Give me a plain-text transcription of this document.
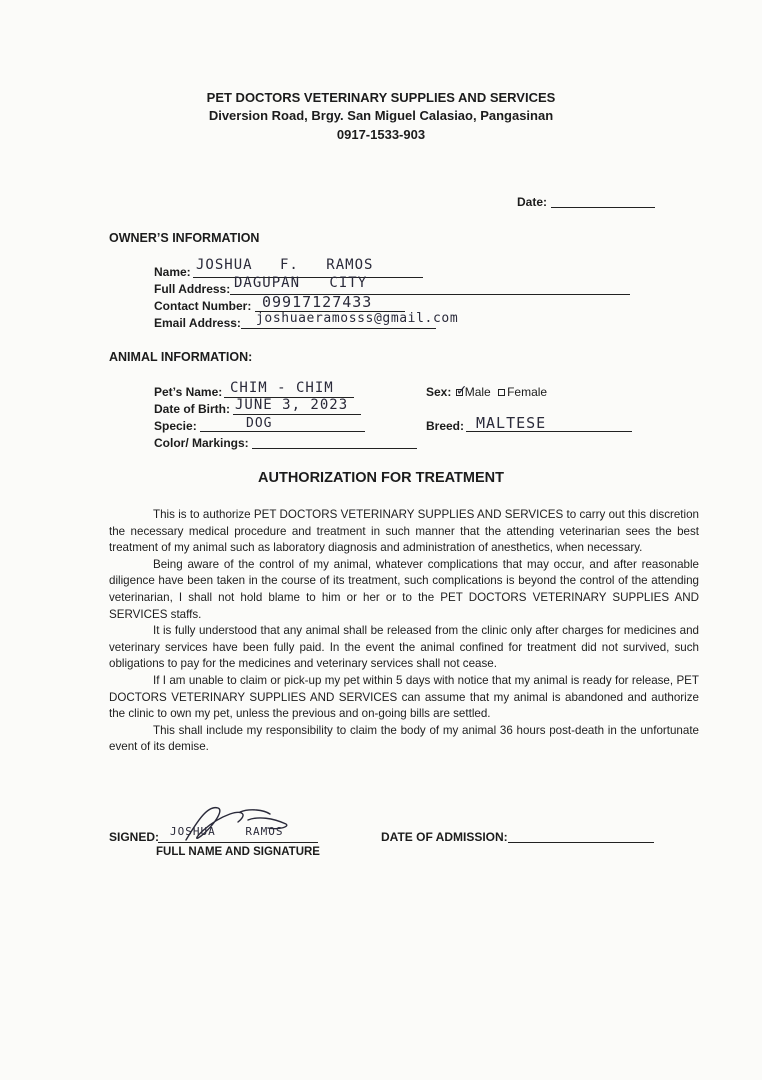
PET DOCTORS VETERINARY SUPPLIES AND SERVICES
Diversion Road, Brgy. San Miguel Calasiao, Pangasinan
0917-1533-903
Date:
OWNER’S INFORMATION
Name: JOSHUA F. RAMOS
Full Address: DAGUPAN CITY
Contact Number: 09917127433
Email Address: joshuaeramosss@gmail.com
ANIMAL INFORMATION:
Pet’s Name: CHIM - CHIM
Date of Birth: JUNE 3, 2023
Specie:	DOG
Color/ Markings:
Sex: ✓
Male Female
Breed: MALTESE
AUTHORIZATION FOR TREATMENT

This is to authorize PET DOCTORS VETERINARY SUPPLIES AND SERVICES to carry out this discretion the necessary medical procedure and treatment in such manner that the attending veterinarian sees the best treatment of my animal such as laboratory diagnosis and administration of anesthetics, when necessary.

Being aware of the control of my animal, whatever complications that may occur, and after reasonable diligence have been taken in the course of its treatment, such complications is beyond the control of the attending veterinarian, I shall not hold blame to him or her or to the PET DOCTORS VETERINARY SUPPLIES AND SERVICES staffs.

It is fully understood that any animal shall be released from the clinic only after charges for medicines and veterinary services have been fully paid. In the event the animal confined for treatment did not survived, such obligations to pay for the medicines and veterinary services shall not cease.

If I am unable to claim or pick-up my pet within 5 days with notice that my animal is ready for release, PET DOCTORS VETERINARY SUPPLIES AND SERVICES can assume that my animal is abandoned and authorize the clinic to own my pet, unless the previous and on-going bills are settled.

This shall include my responsibility to claim the body of my animal 36 hours post-death in the unfortunate event of its demise.

SIGNED: JOSHUA RAMOS
FULL NAME AND SIGNATURE
DATE OF ADMISSION:
